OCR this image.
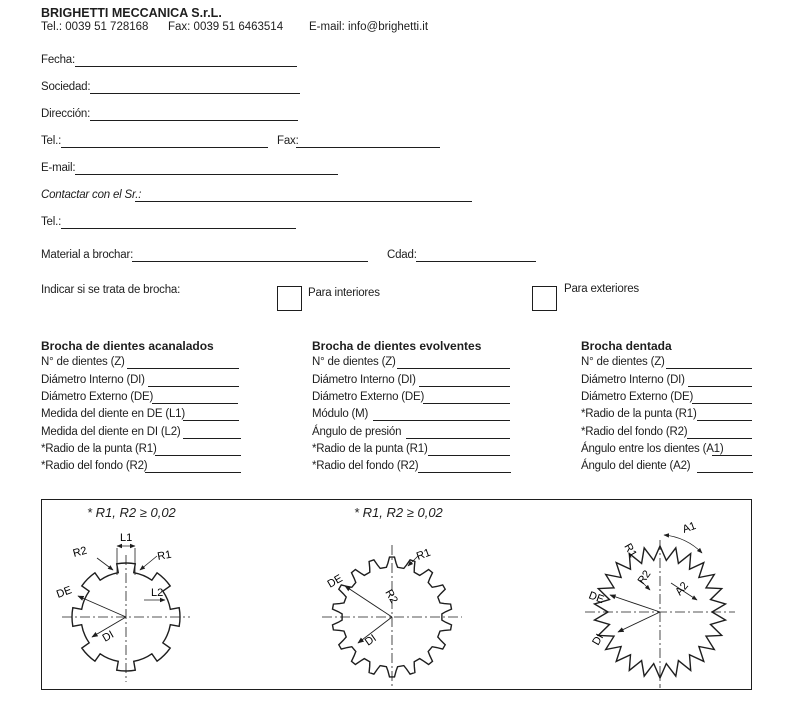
BRIGHETTI MECCANICA S.r.L.
Tel.: 0039 51 728168 Fax: 0039 51 6463514 E-mail: info@brighetti.it
Fecha:
Sociedad:
Dirección:
Tel.:	Fax:
E-mail:
Contactar con el Sr.:
Tel.:
Material a brochar:	Cdad:
Indicar si se trata de brocha:	Para interiores	Para exteriores
Brocha de dientes acanalados
N° de dientes (Z)
Diámetro Interno (DI)
Diámetro Externo (DE)
Medida del diente en DE (L1)
Medida del diente en DI (L2)
*Radio de la punta (R1)
*Radio del fondo (R2)
Brocha de dientes evolventes
N° de dientes (Z)
Diámetro Interno (DI)
Diámetro Externo (DE)
Módulo (M)
Ángulo de presión
*Radio de la punta (R1)
*Radio del fondo (R2)
Brocha dentada
N° de dientes (Z)
Diámetro Interno (DI)
Diámetro Externo (DE)
*Radio de la punta (R1)
*Radio del fondo (R2)
Ángulo entre los dientes (A1)
Ángulo del diente (A2)
* R1, R2 ≥ 0,02	* R1, R2 ≥ 0,02
L1
L2
R2	R1
DE
DI
R1
R2
DE
DI
A1
A2
R1
R2
DE
DI
